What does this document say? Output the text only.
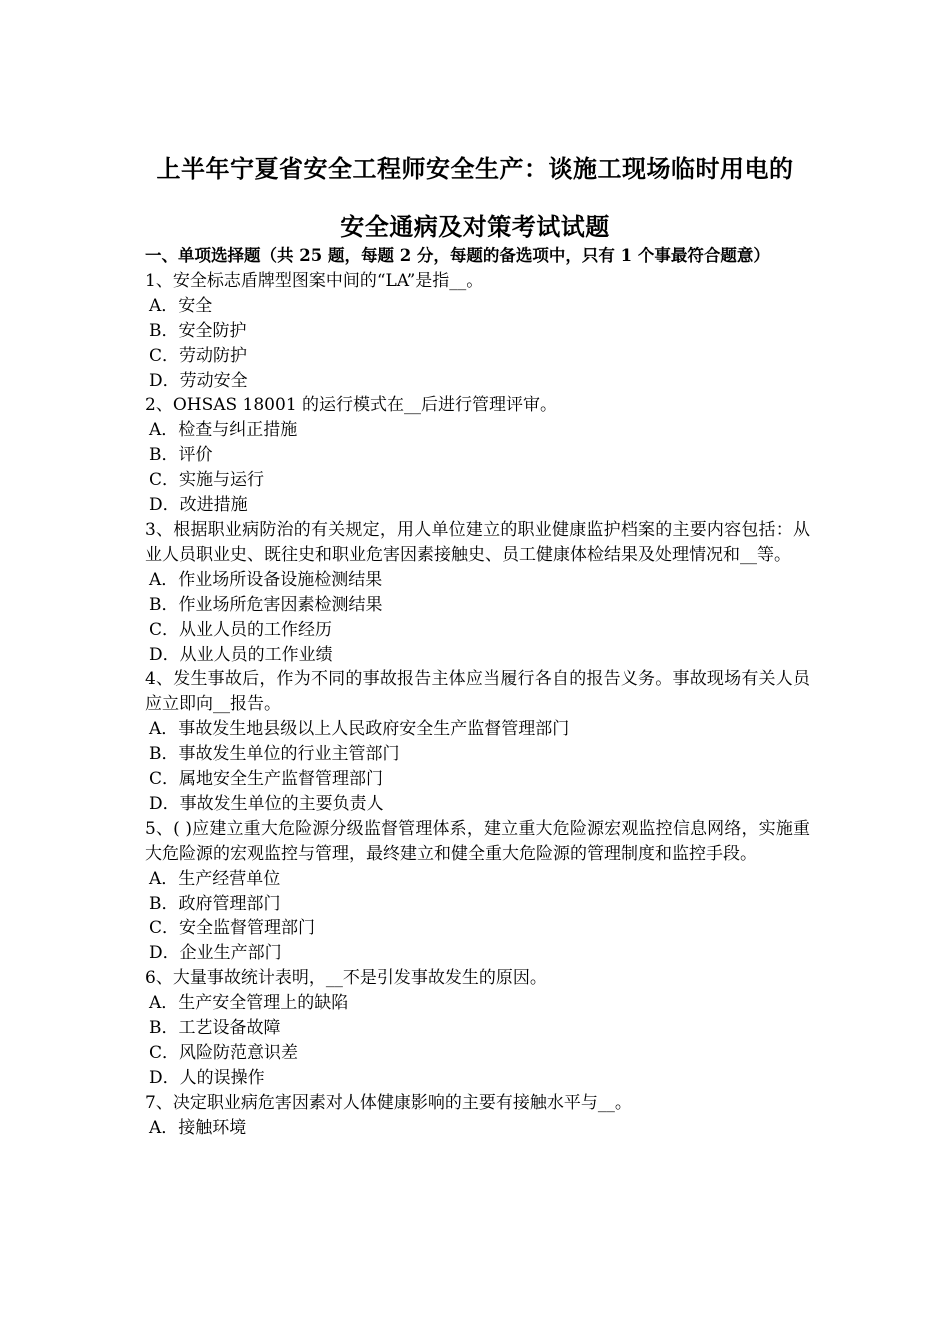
上半年宁夏省安全工程师安全生产：谈施工现场临时用电的
安全通病及对策考试试题
一、单项选择题（共 25 题，每题 2 分，每题的备选项中，只有 1 个事最符合题意）
1、安全标志盾牌型图案中间的“LA”是指__。
A．安全
B．安全防护
C．劳动防护
D．劳动安全
2、OHSAS 18001 的运行模式在__后进行管理评审。
A．检查与纠正措施
B．评价
C．实施与运行
D．改进措施
3、根据职业病防治的有关规定，用人单位建立的职业健康监护档案的主要内容包括：从业人员职业史、既往史和职业危害因素接触史、员工健康体检结果及处理情况和__等。
A．作业场所设备设施检测结果
B．作业场所危害因素检测结果
C．从业人员的工作经历
D．从业人员的工作业绩
4、发生事故后，作为不同的事故报告主体应当履行各自的报告义务。事故现场有关人员应立即向__报告。
A．事故发生地县级以上人民政府安全生产监督管理部门
B．事故发生单位的行业主管部门
C．属地安全生产监督管理部门
D．事故发生单位的主要负责人
5、( )应建立重大危险源分级监督管理体系，建立重大危险源宏观监控信息网络，实施重大危险源的宏观监控与管理，最终建立和健全重大危险源的管理制度和监控手段。
A．生产经营单位
B．政府管理部门
C．安全监督管理部门
D．企业生产部门
6、大量事故统计表明，__不是引发事故发生的原因。
A．生产安全管理上的缺陷
B．工艺设备故障
C．风险防范意识差
D．人的误操作
7、决定职业病危害因素对人体健康影响的主要有接触水平与__。
A．接触环境
